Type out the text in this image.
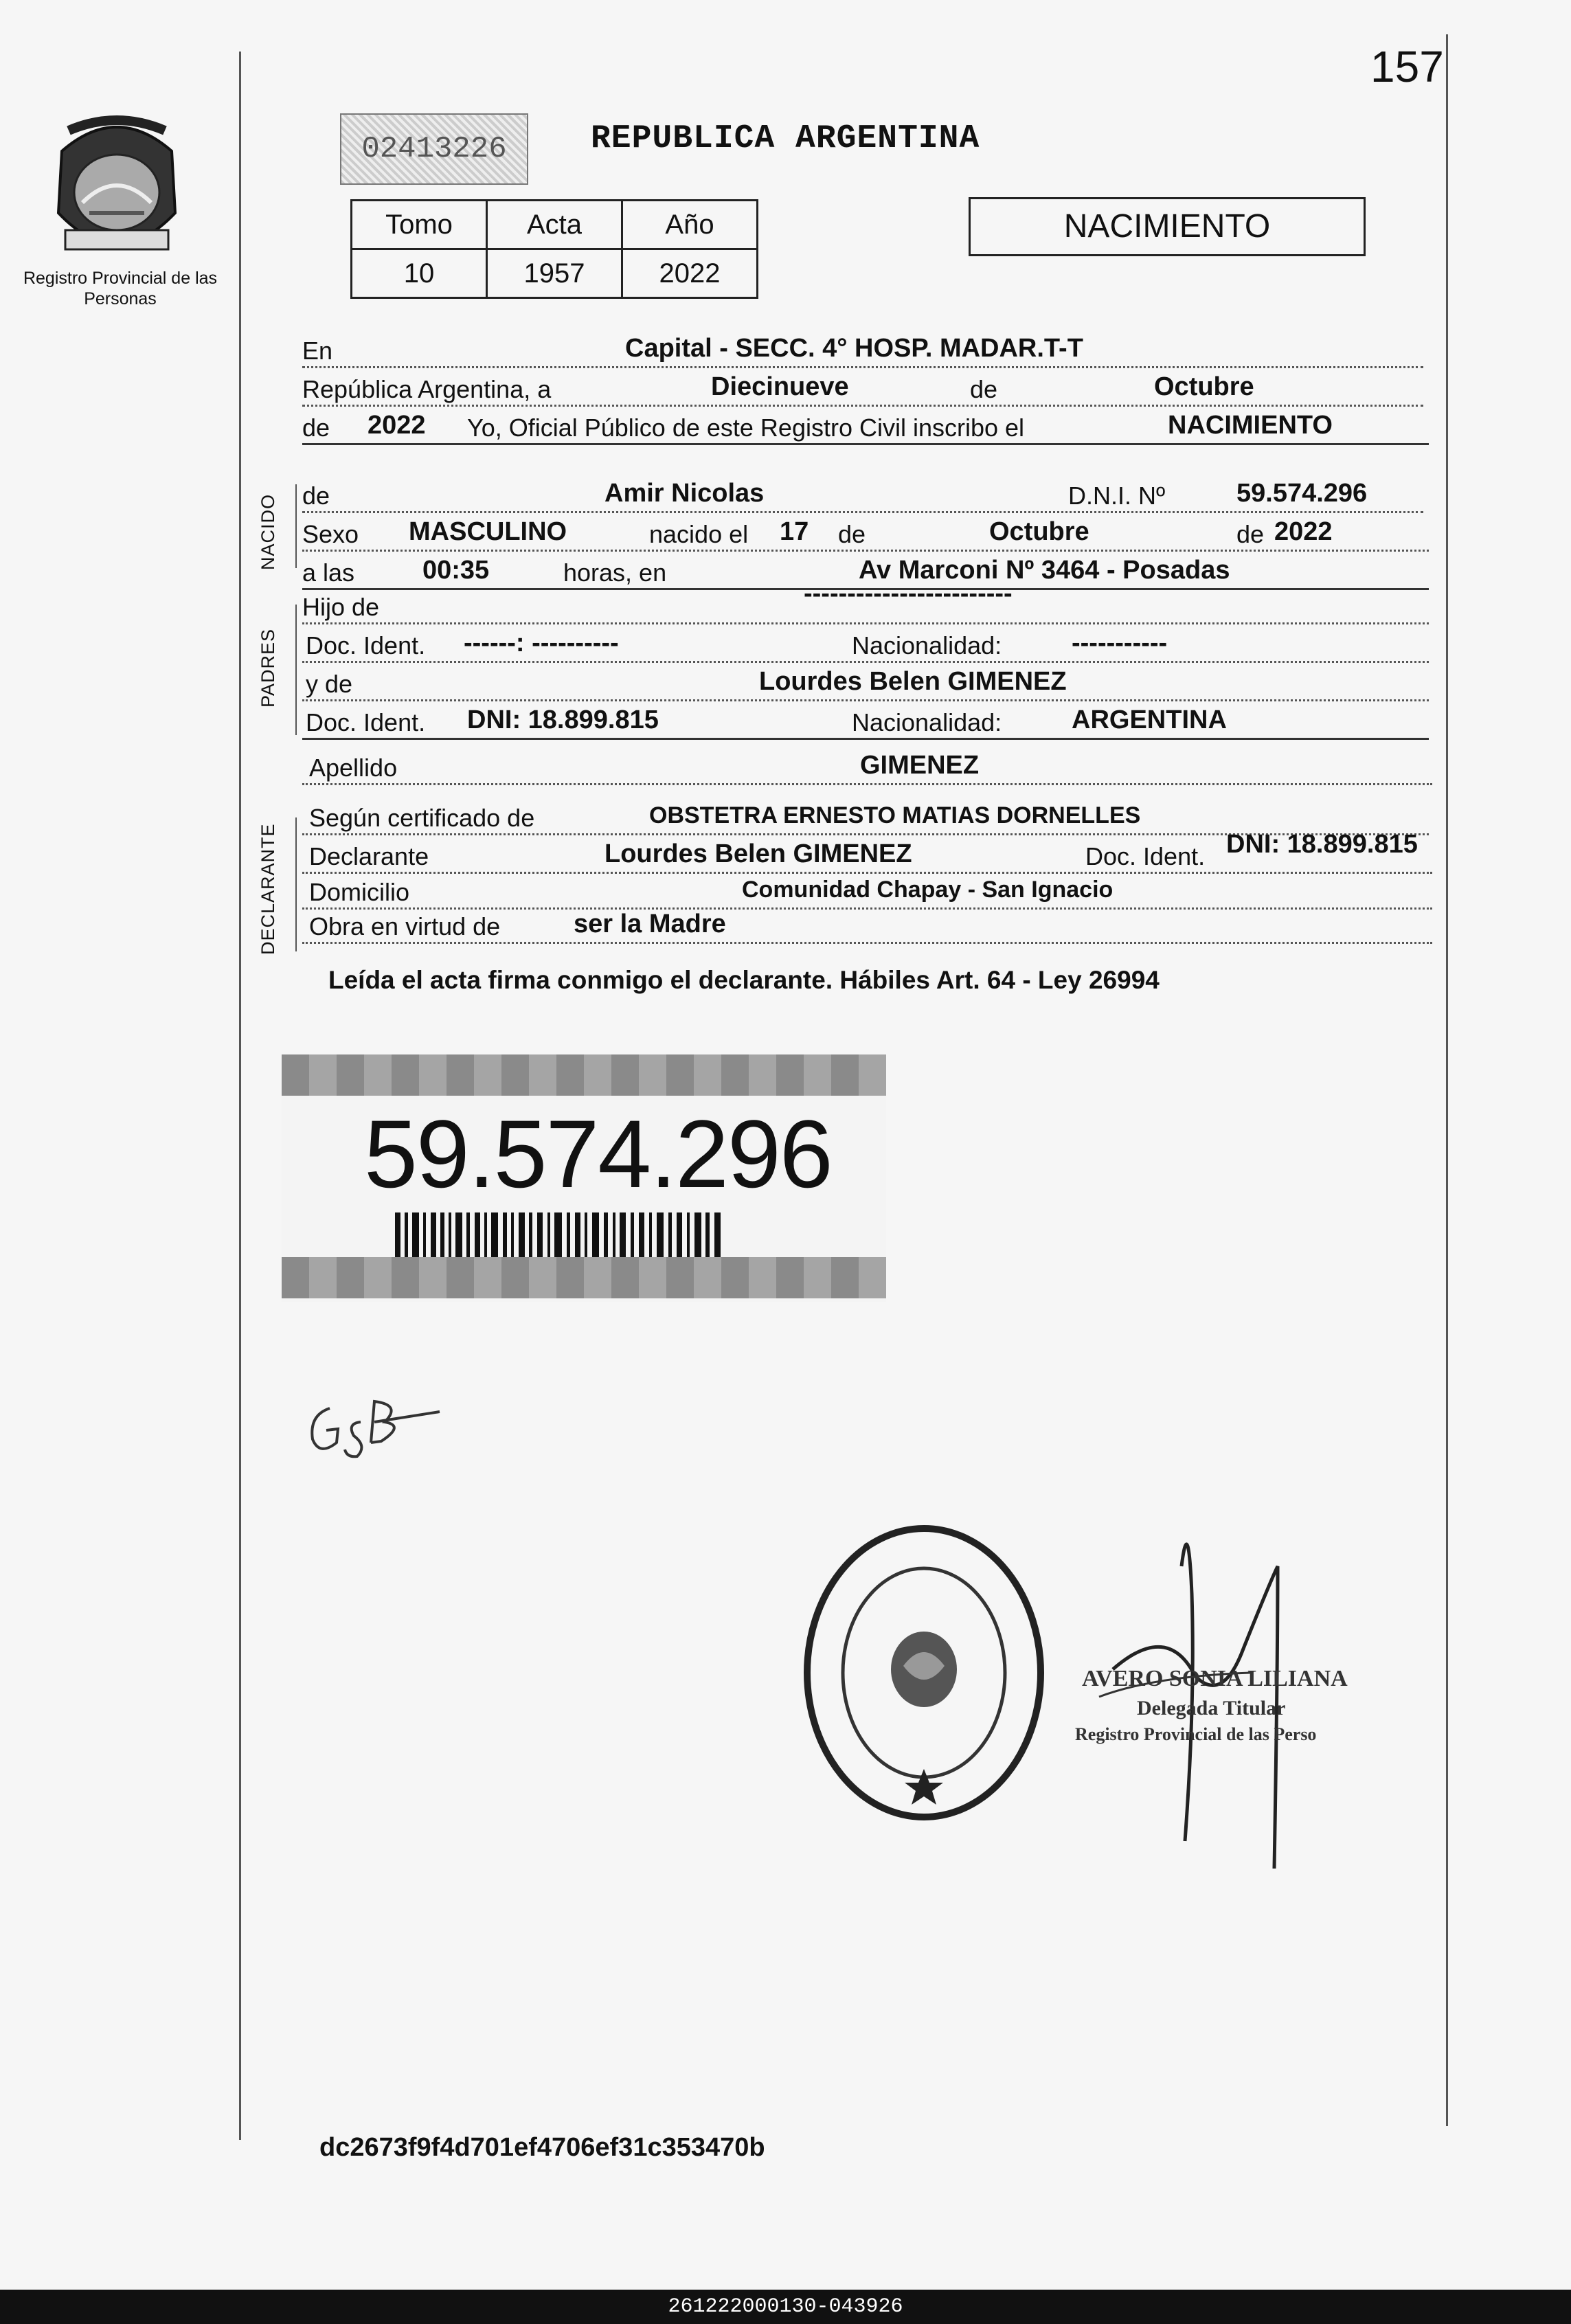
157
Registro Provincial de las Personas
02413226	REPUBLICA ARGENTINA
Tomo	Acta	Año
10	1957	2022
NACIMIENTO
En	Capital - SECC. 4° HOSP. MADAR.T-T
República Argentina, a	Diecinueve	de	Octubre
de 2022 Yo, Oficial Público de este Registro Civil inscribo el	NACIMIENTO
NACIDO de	Amir Nicolas	D.N.I. Nº	59.574.296
Sexo MASCULINO	nacido el 17 de	Octubre	de 2022
a las	00:35	horas, en	Av Marconi Nº 3464 - Posadas
PADRES
Hijo de	------------------------
Doc. Ident. ------: ----------	Nacionalidad:	-----------
y de	Lourdes Belen GIMENEZ
Doc. Ident. DNI: 18.899.815	Nacionalidad:	ARGENTINA
Apellido	GIMENEZ
DECLARANTE
Según certificado de	OBSTETRA ERNESTO MATIAS DORNELLES
Declarante	Lourdes Belen GIMENEZ	Doc. Ident. DNI: 18.899.815
Domicilio	Comunidad Chapay - San Ignacio
Obra en virtud de	ser la Madre
Leída el acta firma conmigo el declarante. Hábiles Art. 64 - Ley 26994
59.574.296
AVERO SONIA LILIANA
Delegada Titular
Registro Provincial de las Perso
dc2673f9f4d701ef4706ef31c353470b
261222000130-043926
